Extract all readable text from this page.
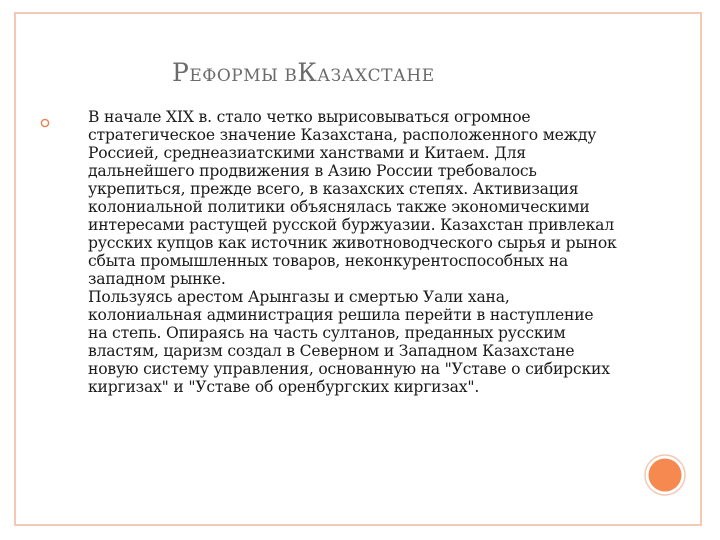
РЕФОРМЫ ВКАЗАХСТАНЕ
В начале XIX в. стало четко вырисовываться огромное
стратегическое значение Казахстана, расположенного между
Россией, среднеазиатскими ханствами и Китаем. Для
дальнейшего продвижения в Азию России требовалось
укрепиться, прежде всего, в казахских степях. Активизация
колониальной политики объяснялась также экономическими
интересами растущей русской буржуазии. Казахстан привлекал
русских купцов как источник животноводческого сырья и рынок
сбыта промышленных товаров, неконкурентоспособных на
западном рынке.
Пользуясь арестом Арынгазы и смертью Уали хана,
колониальная администрация решила перейти в наступление
на степь. Опираясь на часть султанов, преданных русским
властям, царизм создал в Северном и Западном Казахстане
новую систему управления, основанную на "Уставе о сибирских
киргизах" и "Уставе об оренбургских киргизах".
